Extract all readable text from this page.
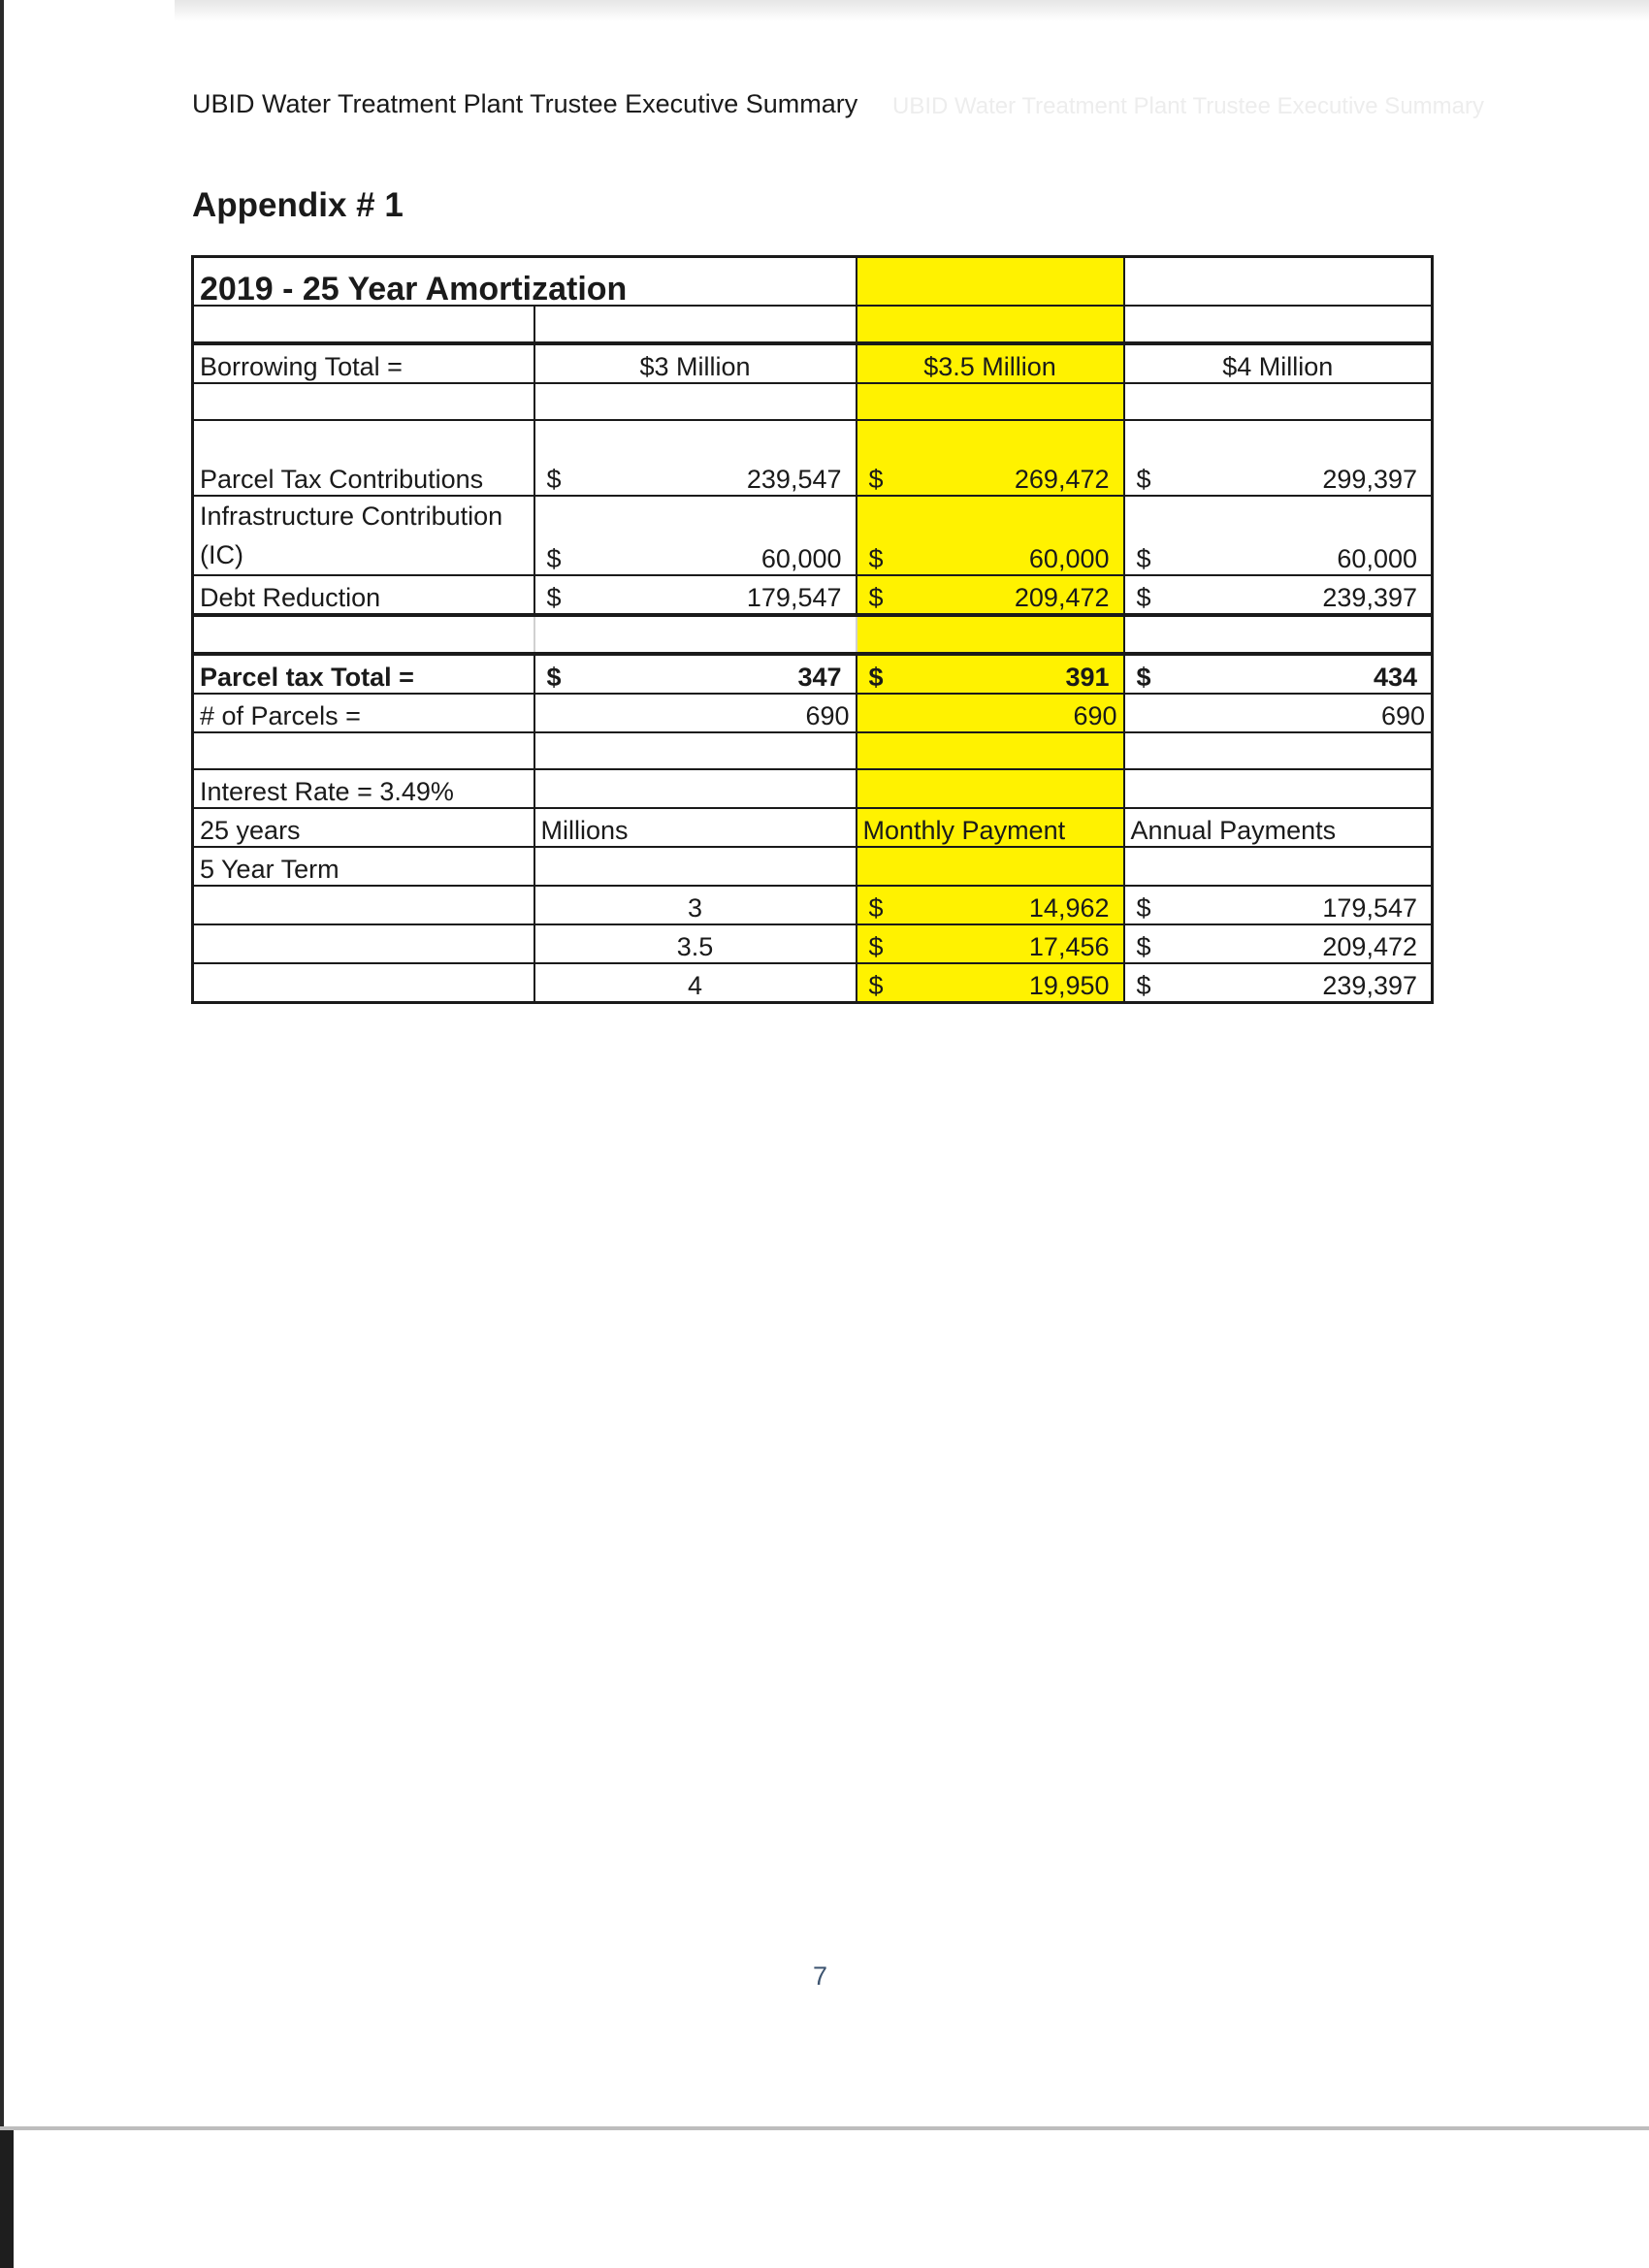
UBID Water Treatment Plant Trustee Executive Summary
UBID Water Treatment Plant Trustee Executive Summary
Appendix # 1
2019 - 25 Year Amortization			

Borrowing Total =	$3 Million	$3.5 Million	$4 Million

Parcel Tax Contributions	$ 239,547	$ 269,472	$ 299,397

Infrastructure Contribution (IC)	$ 60,000	$ 60,000	$ 60,000

Debt Reduction	$ 179,547	$ 209,472	$ 239,397

Parcel tax Total =	$ 347	$ 391	$ 434

# of Parcels =	690	690	690

Interest Rate = 3.49%			
25 years	Millions	Monthly Payment	Annual Payments
5 Year Term			
	3	$ 14,962	$ 179,547

	3.5	$ 17,456	$ 209,472

	4	$ 19,950	$ 239,397
7
